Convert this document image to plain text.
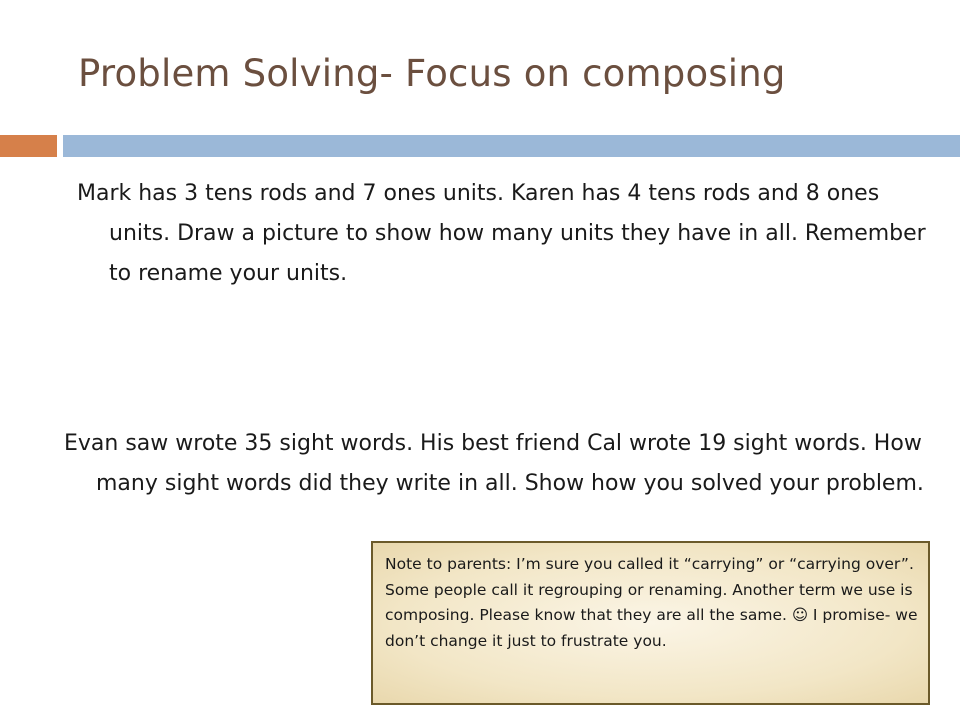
Problem Solving- Focus on composing

Mark has 3 tens rods and 7 ones units. Karen has 4 tens rods and 8 ones units. Draw a picture to show how many units they have in all. Remember to rename your units.

Evan saw wrote 35 sight words. His best friend Cal wrote 19 sight words. How many sight words did they write in all. Show how you solved your problem.

Note to parents: I’m sure you called it “carrying” or “carrying over”. Some people call it regrouping or renaming. Another term we use is composing. Please know that they are all the same. ☺ I promise- we don’t change it just to frustrate you.
